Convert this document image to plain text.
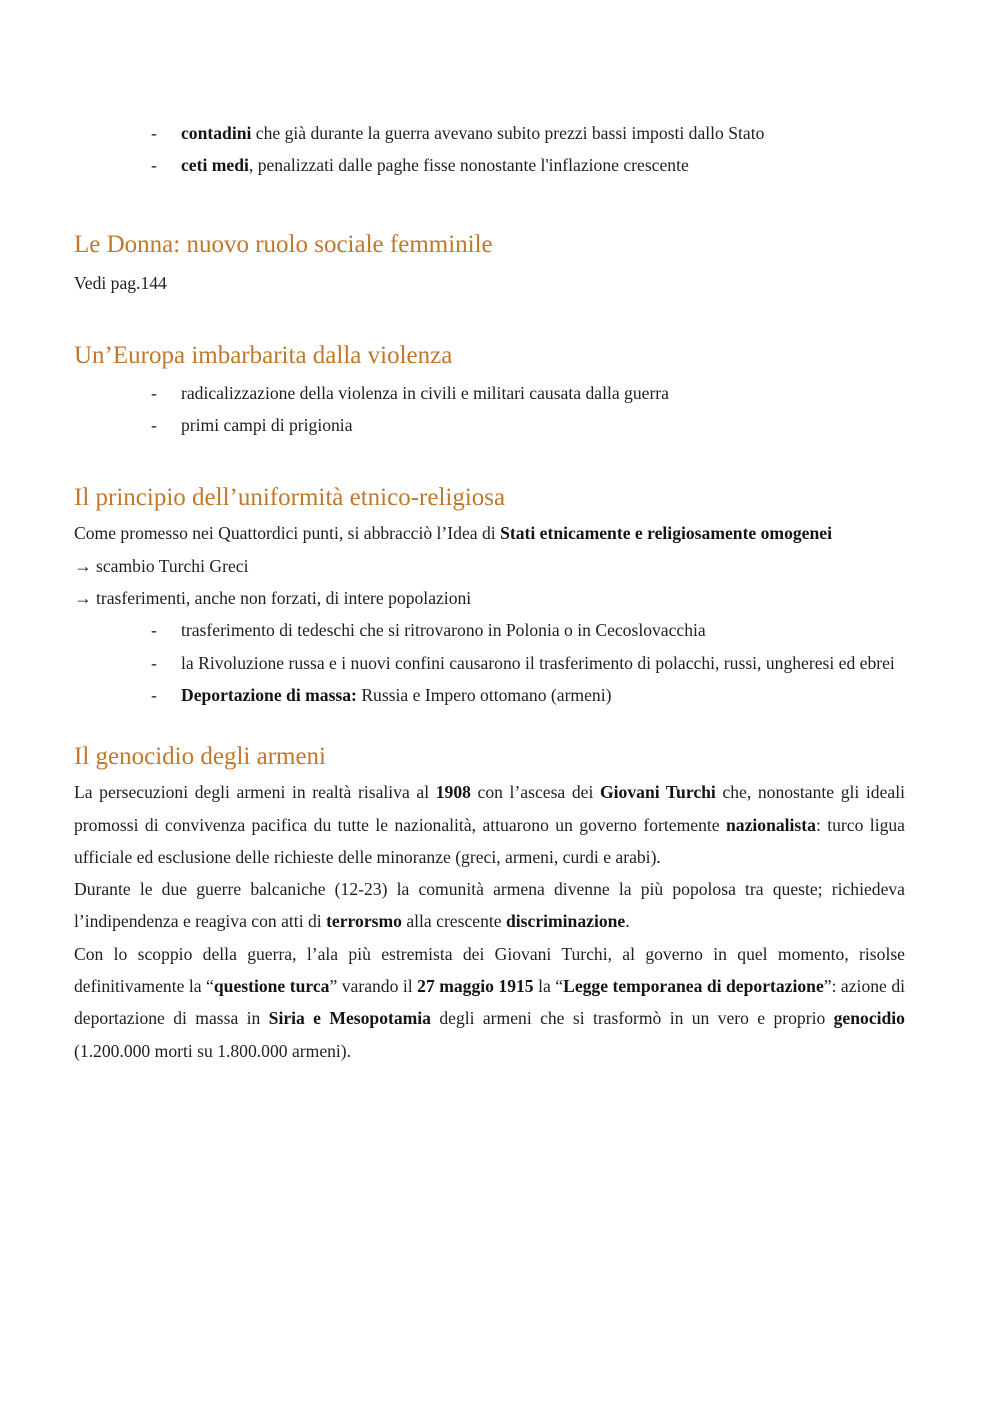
- contadini che già durante la guerra avevano subito prezzi bassi imposti dallo Stato
- ceti medi, penalizzati dalle paghe fisse nonostante l'inflazione crescente
Le Donna: nuovo ruolo sociale femminile

Vedi pag.144

Un’Europa imbarbarita dalla violenza
- radicalizzazione della violenza in civili e militari causata dalla guerra
- primi campi di prigionia
Il principio dell’uniformità etnico-religiosa

Come promesso nei Quattordici punti, si abbracciò l’Idea di Stati etnicamente e religiosamente omogenei

→ scambio Turchi Greci

→ trasferimenti, anche non forzati, di intere popolazioni

- trasferimento di tedeschi che si ritrovarono in Polonia o in Cecoslovacchia
- la Rivoluzione russa e i nuovi confini causarono il trasferimento di polacchi, russi, ungheresi ed ebrei
- Deportazione di massa: Russia e Impero ottomano (armeni)
Il genocidio degli armeni

La persecuzioni degli armeni in realtà risaliva al 1908 con l’ascesa dei Giovani Turchi che, nonostante gli ideali promossi di convivenza pacifica du tutte le nazionalità, attuarono un governo fortemente nazionalista: turco ligua ufficiale ed esclusione delle richieste delle minoranze (greci, armeni, curdi e arabi).

Durante le due guerre balcaniche (12-23) la comunità armena divenne la più popolosa tra queste; richiedeva l’indipendenza e reagiva con atti di terrorsmo alla crescente discriminazione.

Con lo scoppio della guerra, l’ala più estremista dei Giovani Turchi, al governo in quel momento, risolse definitivamente la “questione turca” varando il 27 maggio 1915 la “Legge temporanea di deportazione”: azione di deportazione di massa in Siria e Mesopotamia degli armeni che si trasformò in un vero e proprio genocidio (1.200.000 morti su 1.800.000 armeni).
